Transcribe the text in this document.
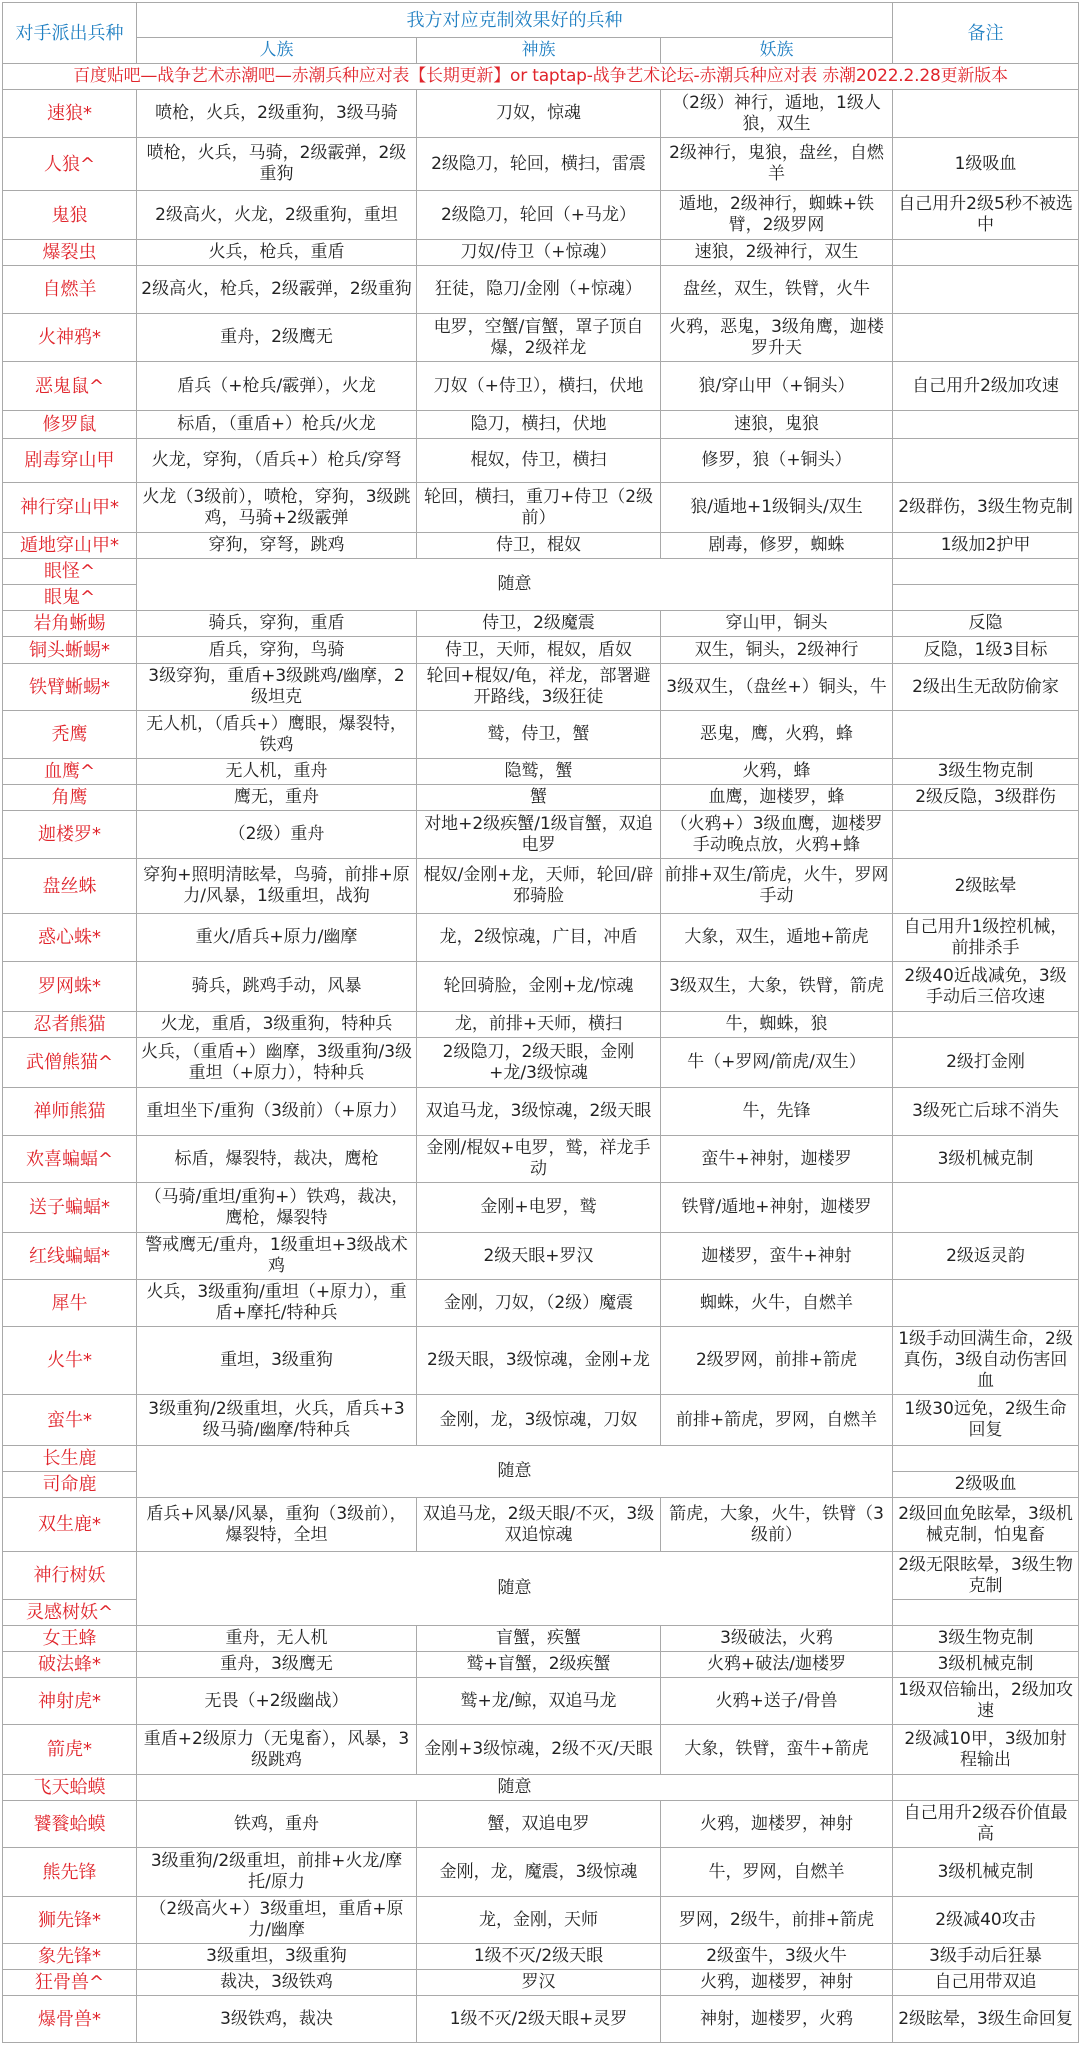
对手派出兵种	我方对应克制效果好的兵种			备注
	人族	神族	妖族	
百度贴吧—战争艺术赤潮吧—赤潮兵种应对表【长期更新】or taptap-战争艺术论坛-赤潮兵种应对表 赤潮2022.2.28更新版本				
速狼*	喷枪，火兵，2级重狗，3级马骑	刀奴，惊魂	（2级）神行，遁地，1级人狼，双生	
人狼^	喷枪，火兵，马骑，2级霰弹，2级重狗	2级隐刀，轮回，横扫，雷震	2级神行，鬼狼，盘丝，自燃羊	1级吸血
鬼狼	2级高火，火龙，2级重狗，重坦	2级隐刀，轮回（+马龙）	遁地，2级神行，蜘蛛+铁臂，2级罗网	自己用升2级5秒不被选中
爆裂虫	火兵，枪兵，重盾	刀奴/侍卫（+惊魂）	速狼，2级神行，双生	
自燃羊	2级高火，枪兵，2级霰弹，2级重狗	狂徒，隐刀/金刚（+惊魂）	盘丝，双生，铁臂，火牛	
火神鸦*	重舟，2级鹰无	电罗，空蟹/盲蟹，罩子顶自爆，2级祥龙	火鸦，恶鬼，3级角鹰，迦楼罗升天	
恶鬼鼠^	盾兵（+枪兵/霰弹），火龙	刀奴（+侍卫），横扫，伏地	狼/穿山甲（+铜头）	自己用升2级加攻速
修罗鼠	标盾，（重盾+）枪兵/火龙	隐刀，横扫，伏地	速狼，鬼狼	
剧毒穿山甲	火龙，穿狗，（盾兵+）枪兵/穿弩	棍奴，侍卫，横扫	修罗，狼（+铜头）	
神行穿山甲*	火龙（3级前），喷枪，穿狗，3级跳鸡，马骑+2级霰弹	轮回，横扫，重刀+侍卫（2级前）	狼/遁地+1级铜头/双生	2级群伤，3级生物克制
遁地穿山甲*	穿狗，穿弩，跳鸡	侍卫，棍奴	剧毒，修罗，蜘蛛	1级加2护甲
眼怪^	随意			
眼鬼^				
岩角蜥蜴	骑兵，穿狗，重盾	侍卫，2级魔震	穿山甲，铜头	反隐
铜头蜥蜴*	盾兵，穿狗，鸟骑	侍卫，天师，棍奴，盾奴	双生，铜头，2级神行	反隐，1级3目标
铁臂蜥蜴*	3级穿狗，重盾+3级跳鸡/幽摩，2级坦克	轮回+棍奴/龟，祥龙，部署避开路线，3级狂徒	3级双生，（盘丝+）铜头，牛	2级出生无敌防偷家
秃鹰	无人机，（盾兵+）鹰眼，爆裂特，铁鸡	鹫，侍卫，蟹	恶鬼，鹰，火鸦，蜂	
血鹰^	无人机，重舟	隐鹫，蟹	火鸦，蜂	3级生物克制
角鹰	鹰无，重舟	蟹	血鹰，迦楼罗，蜂	2级反隐，3级群伤
迦楼罗*	（2级）重舟	对地+2级疾蟹/1级盲蟹，双追电罗	（火鸦+）3级血鹰，迦楼罗手动晚点放，火鸦+蜂	
盘丝蛛	穿狗+照明清眩晕，鸟骑，前排+原力/风暴，1级重坦，战狗	棍奴/金刚+龙，天师，轮回/辟邪骑脸	前排+双生/箭虎，火牛，罗网手动	2级眩晕
惑心蛛*	重火/盾兵+原力/幽摩	龙，2级惊魂，广目，冲盾	大象，双生，遁地+箭虎	自己用升1级控机械，前排杀手
罗网蛛*	骑兵，跳鸡手动，风暴	轮回骑脸，金刚+龙/惊魂	3级双生，大象，铁臂，箭虎	2级40近战减免，3级手动后三倍攻速
忍者熊猫	火龙，重盾，3级重狗，特种兵	龙，前排+天师，横扫	牛，蜘蛛，狼	
武僧熊猫^	火兵，（重盾+）幽摩，3级重狗/3级重坦（+原力），特种兵	2级隐刀，2级天眼，金刚+龙/3级惊魂	牛（+罗网/箭虎/双生）	2级打金刚
禅师熊猫	重坦坐下/重狗（3级前）（+原力）	双追马龙，3级惊魂，2级天眼	牛，先锋	3级死亡后球不消失
欢喜蝙蝠^	标盾，爆裂特，裁决，鹰枪	金刚/棍奴+电罗，鹫，祥龙手动	蛮牛+神射，迦楼罗	3级机械克制
送子蝙蝠*	（马骑/重坦/重狗+）铁鸡，裁决，鹰枪，爆裂特	金刚+电罗，鹫	铁臂/遁地+神射，迦楼罗	
红线蝙蝠*	警戒鹰无/重舟，1级重坦+3级战术鸡	2级天眼+罗汉	迦楼罗，蛮牛+神射	2级返灵韵
犀牛	火兵，3级重狗/重坦（+原力），重盾+摩托/特种兵	金刚，刀奴，（2级）魔震	蜘蛛，火牛，自燃羊	
火牛*	重坦，3级重狗	2级天眼，3级惊魂，金刚+龙	2级罗网，前排+箭虎	1级手动回满生命，2级真伤，3级自动伤害回血
蛮牛*	3级重狗/2级重坦，火兵，盾兵+3级马骑/幽摩/特种兵	金刚，龙，3级惊魂，刀奴	前排+箭虎，罗网，自燃羊	1级30远免，2级生命回复
长生鹿	随意			
司命鹿				2级吸血
双生鹿*	盾兵+风暴/风暴，重狗（3级前），爆裂特，全坦	双追马龙，2级天眼/不灭，3级双追惊魂	箭虎，大象，火牛，铁臂（3级前）	2级回血免眩晕，3级机械克制，怕鬼畜
神行树妖	随意			2级无限眩晕，3级生物克制
灵感树妖^				
女王蜂	重舟，无人机	盲蟹，疾蟹	3级破法，火鸦	3级生物克制
破法蜂*	重舟，3级鹰无	鹫+盲蟹，2级疾蟹	火鸦+破法/迦楼罗	3级机械克制
神射虎*	无畏（+2级幽战）	鹫+龙/鲸，双追马龙	火鸦+送子/骨兽	1级双倍输出，2级加攻速
箭虎*	重盾+2级原力（无鬼畜），风暴，3级跳鸡	金刚+3级惊魂，2级不灭/天眼	大象，铁臂，蛮牛+箭虎	2级减10甲，3级加射程输出
飞天蛤蟆	随意			
饕餮蛤蟆	铁鸡，重舟	蟹，双追电罗	火鸦，迦楼罗，神射	自己用升2级吞价值最高
熊先锋	3级重狗/2级重坦，前排+火龙/摩托/原力	金刚，龙，魔震，3级惊魂	牛，罗网，自燃羊	3级机械克制
狮先锋*	（2级高火+）3级重坦，重盾+原力/幽摩	龙，金刚，天师	罗网，2级牛，前排+箭虎	2级减40攻击
象先锋*	3级重坦，3级重狗	1级不灭/2级天眼	2级蛮牛，3级火牛	3级手动后狂暴
狂骨兽^	裁决，3级铁鸡	罗汉	火鸦，迦楼罗，神射	自己用带双追
爆骨兽*	3级铁鸡，裁决	1级不灭/2级天眼+灵罗	神射，迦楼罗，火鸦	2级眩晕，3级生命回复
